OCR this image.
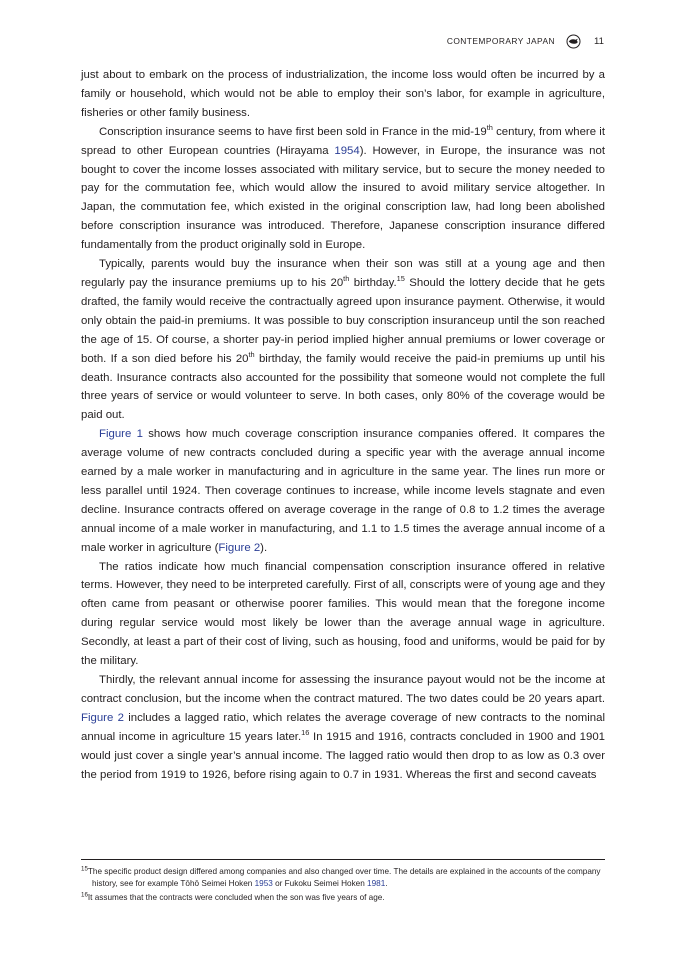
CONTEMPORARY JAPAN	11

just about to embark on the process of industrialization, the income loss would often be incurred by a family or household, which would not be able to employ their son’s labor, for example in agriculture, fisheries or other family business.

Conscription insurance seems to have first been sold in France in the mid-19th century, from where it spread to other European countries (Hirayama 1954). However, in Europe, the insurance was not bought to cover the income losses associated with military service, but to secure the money needed to pay for the commutation fee, which would allow the insured to avoid military service altogether. In Japan, the commutation fee, which existed in the original conscription law, had long been abolished before conscription insurance was introduced. Therefore, Japanese conscription insurance differed fundamentally from the product originally sold in Europe.

Typically, parents would buy the insurance when their son was still at a young age and then regularly pay the insurance premiums up to his 20th birthday.$^{15}$ Should the lottery decide that he gets drafted, the family would receive the contractually agreed upon insurance payment. Otherwise, it would only obtain the paid-in premiums. It was possible to buy conscription insuranceup until the son reached the age of 15. Of course, a shorter pay-in period implied higher annual premiums or lower coverage or both. If a son died before his 20th birthday, the family would receive the paid-in premiums up until his death. Insurance contracts also accounted for the possibility that someone would not complete the full three years of service or would volunteer to serve. In both cases, only 80% of the coverage would be paid out.

Figure 1 shows how much coverage conscription insurance companies offered. It compares the average volume of new contracts concluded during a specific year with the average annual income earned by a male worker in manufacturing and in agriculture in the same year. The lines run more or less parallel until 1924. Then coverage continues to increase, while income levels stagnate and even decline. Insurance contracts offered on average coverage in the range of 0.8 to 1.2 times the average annual income of a male worker in manufacturing, and 1.1 to 1.5 times the average annual income of a male worker in agriculture (Figure 2).

The ratios indicate how much financial compensation conscription insurance offered in relative terms. However, they need to be interpreted carefully. First of all, conscripts were of young age and they often came from peasant or otherwise poorer families. This would mean that the foregone income during regular service would most likely be lower than the average annual wage in agriculture. Secondly, at least a part of their cost of living, such as housing, food and uniforms, would be paid for by the military.

Thirdly, the relevant annual income for assessing the insurance payout would not be the income at contract conclusion, but the income when the contract matured. The two dates could be 20 years apart. Figure 2 includes a lagged ratio, which relates the average coverage of new contracts to the nominal annual income in agriculture 15 years later.$^{16}$ In 1915 and 1916, contracts concluded in 1900 and 1901 would just cover a single year’s annual income. The lagged ratio would then drop to as low as 0.3 over the period from 1919 to 1926, before rising again to 0.7 in 1931. Whereas the first and second caveats

$^{15}$The specific product design differed among companies and also changed over time. The details are explained in the accounts of the company history, see for example Tōhō Seimei Hoken 1953 or Fukoku Seimei Hoken 1981.

$^{16}$It assumes that the contracts were concluded when the son was five years of age.
